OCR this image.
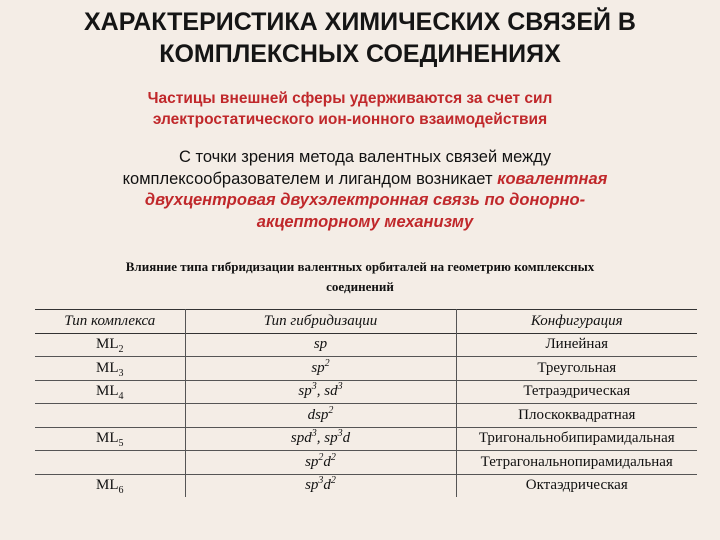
ХАРАКТЕРИСТИКА ХИМИЧЕСКИХ СВЯЗЕЙ В
КОМПЛЕКСНЫХ СОЕДИНЕНИЯХ

Частицы внешней сферы удерживаются за счет сил
электростатического ион-ионного взаимодействия

С точки зрения метода валентных связей между
комплексообразователем и лигандом возникает ковалентная
двухцентровая двухэлектронная связь по донорно-
акцепторному механизму

Влияние типа гибридизации валентных орбиталей на геометрию комплексных
соединений

Тип комплекса	Тип гибридизации	Конфигурация
$ML_2$	sp	Линейная
$ML_3$	$sp^2$	Треугольная
$ML_4$	$sp^3$, $sd^3$	Тетраэдрическая
	dsp$^2$	Плоскоквадратная
$ML_5$	spd$^3$, $sp^3d$	Тригональнобипирамидальная
	$sp^2d^2$	Тетрагональнопирамидальная
$ML_6$	$sp^3d^2$	Октаэдрическая
